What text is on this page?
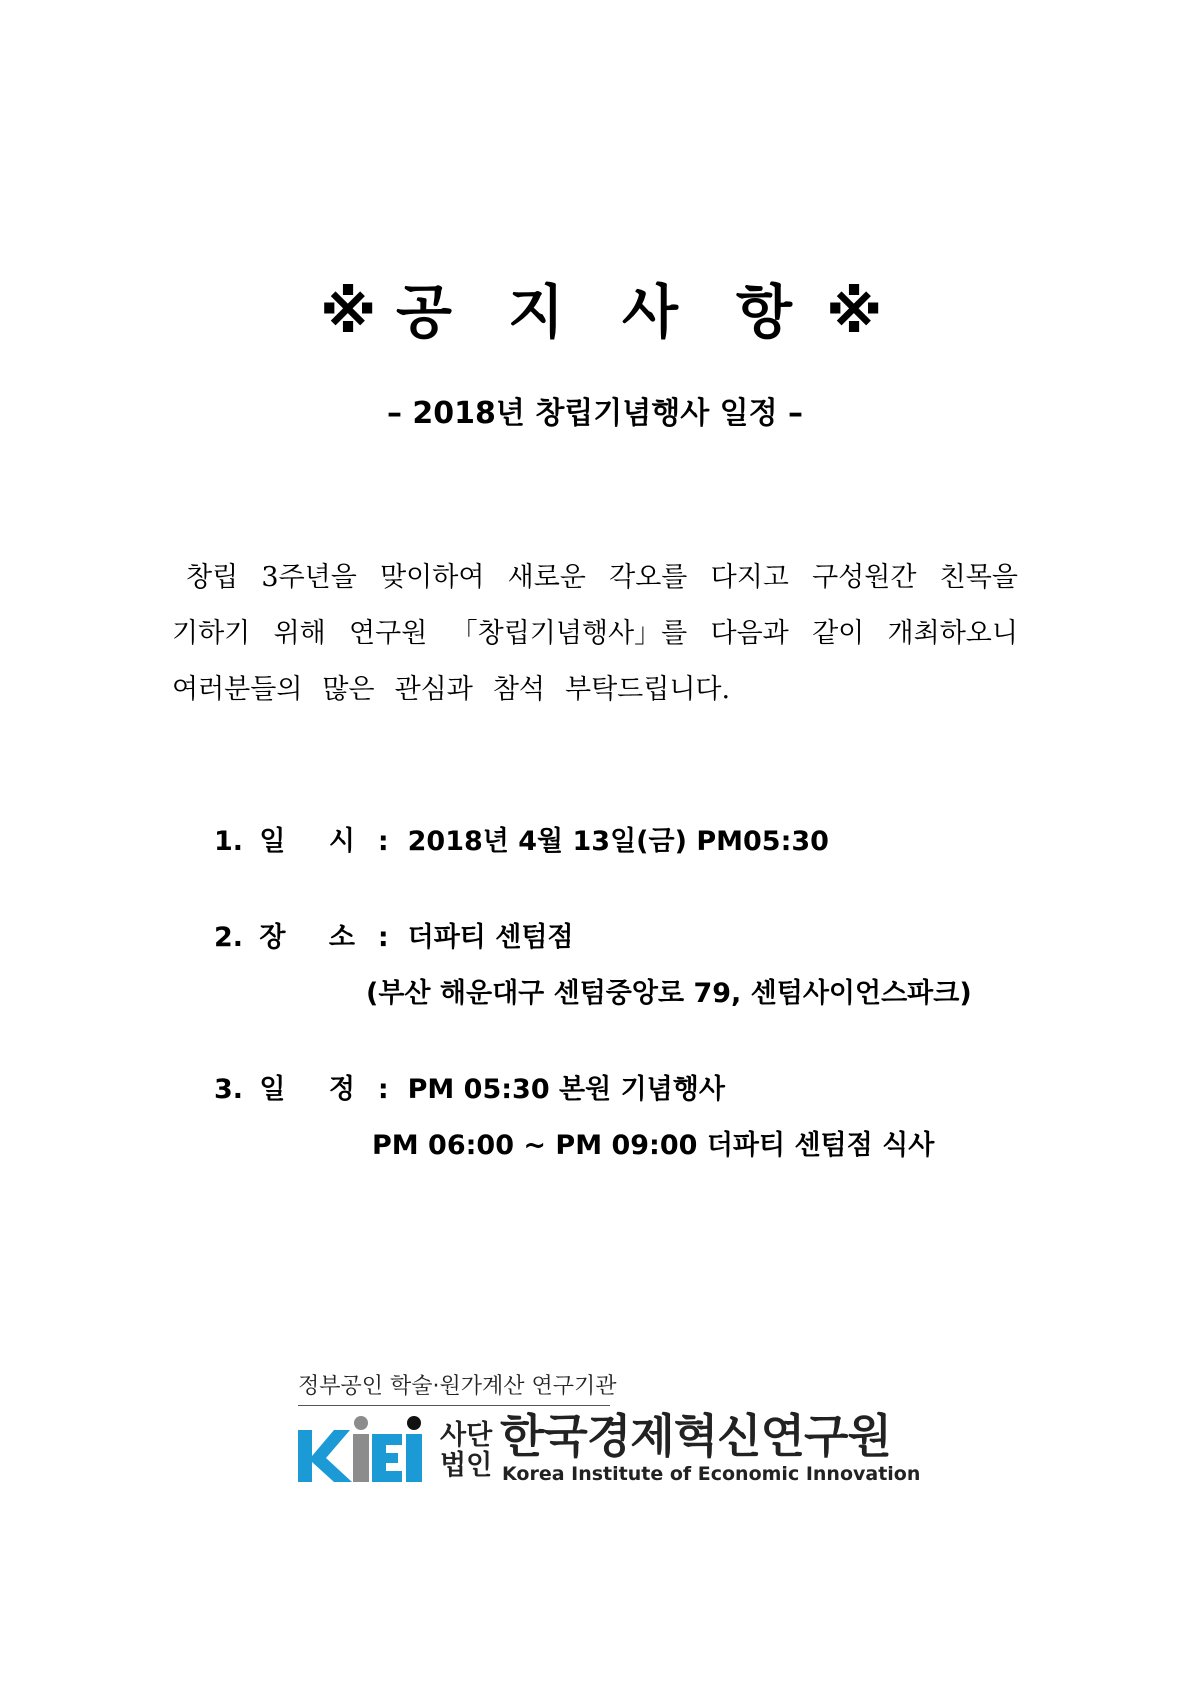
※ 공 지 사 항 ※
– 2018년 창립기념행사 일정 –
창립 3주년을 맞이하여 새로운 각오를 다지고 구성원간 친목을
기하기 위해 연구원 「창립기념행사」를 다음과 같이 개최하오니
여러분들의 많은 관심과 참석 부탁드립니다.
1. 일 시 : 2018년 4월 13일(금) PM05:30
2. 장 소 : 더파티 센텀점
(부산 해운대구 센텀중앙로 79, 센텀사이언스파크)
3. 일 정 : PM 05:30 본원 기념행사
PM 06:00 ~ PM 09:00 더파티 센텀점 식사
정부공인 학술·원가계산 연구기관
사단
법인
한국경제혁신연구원
Korea Institute of Economic Innovation
